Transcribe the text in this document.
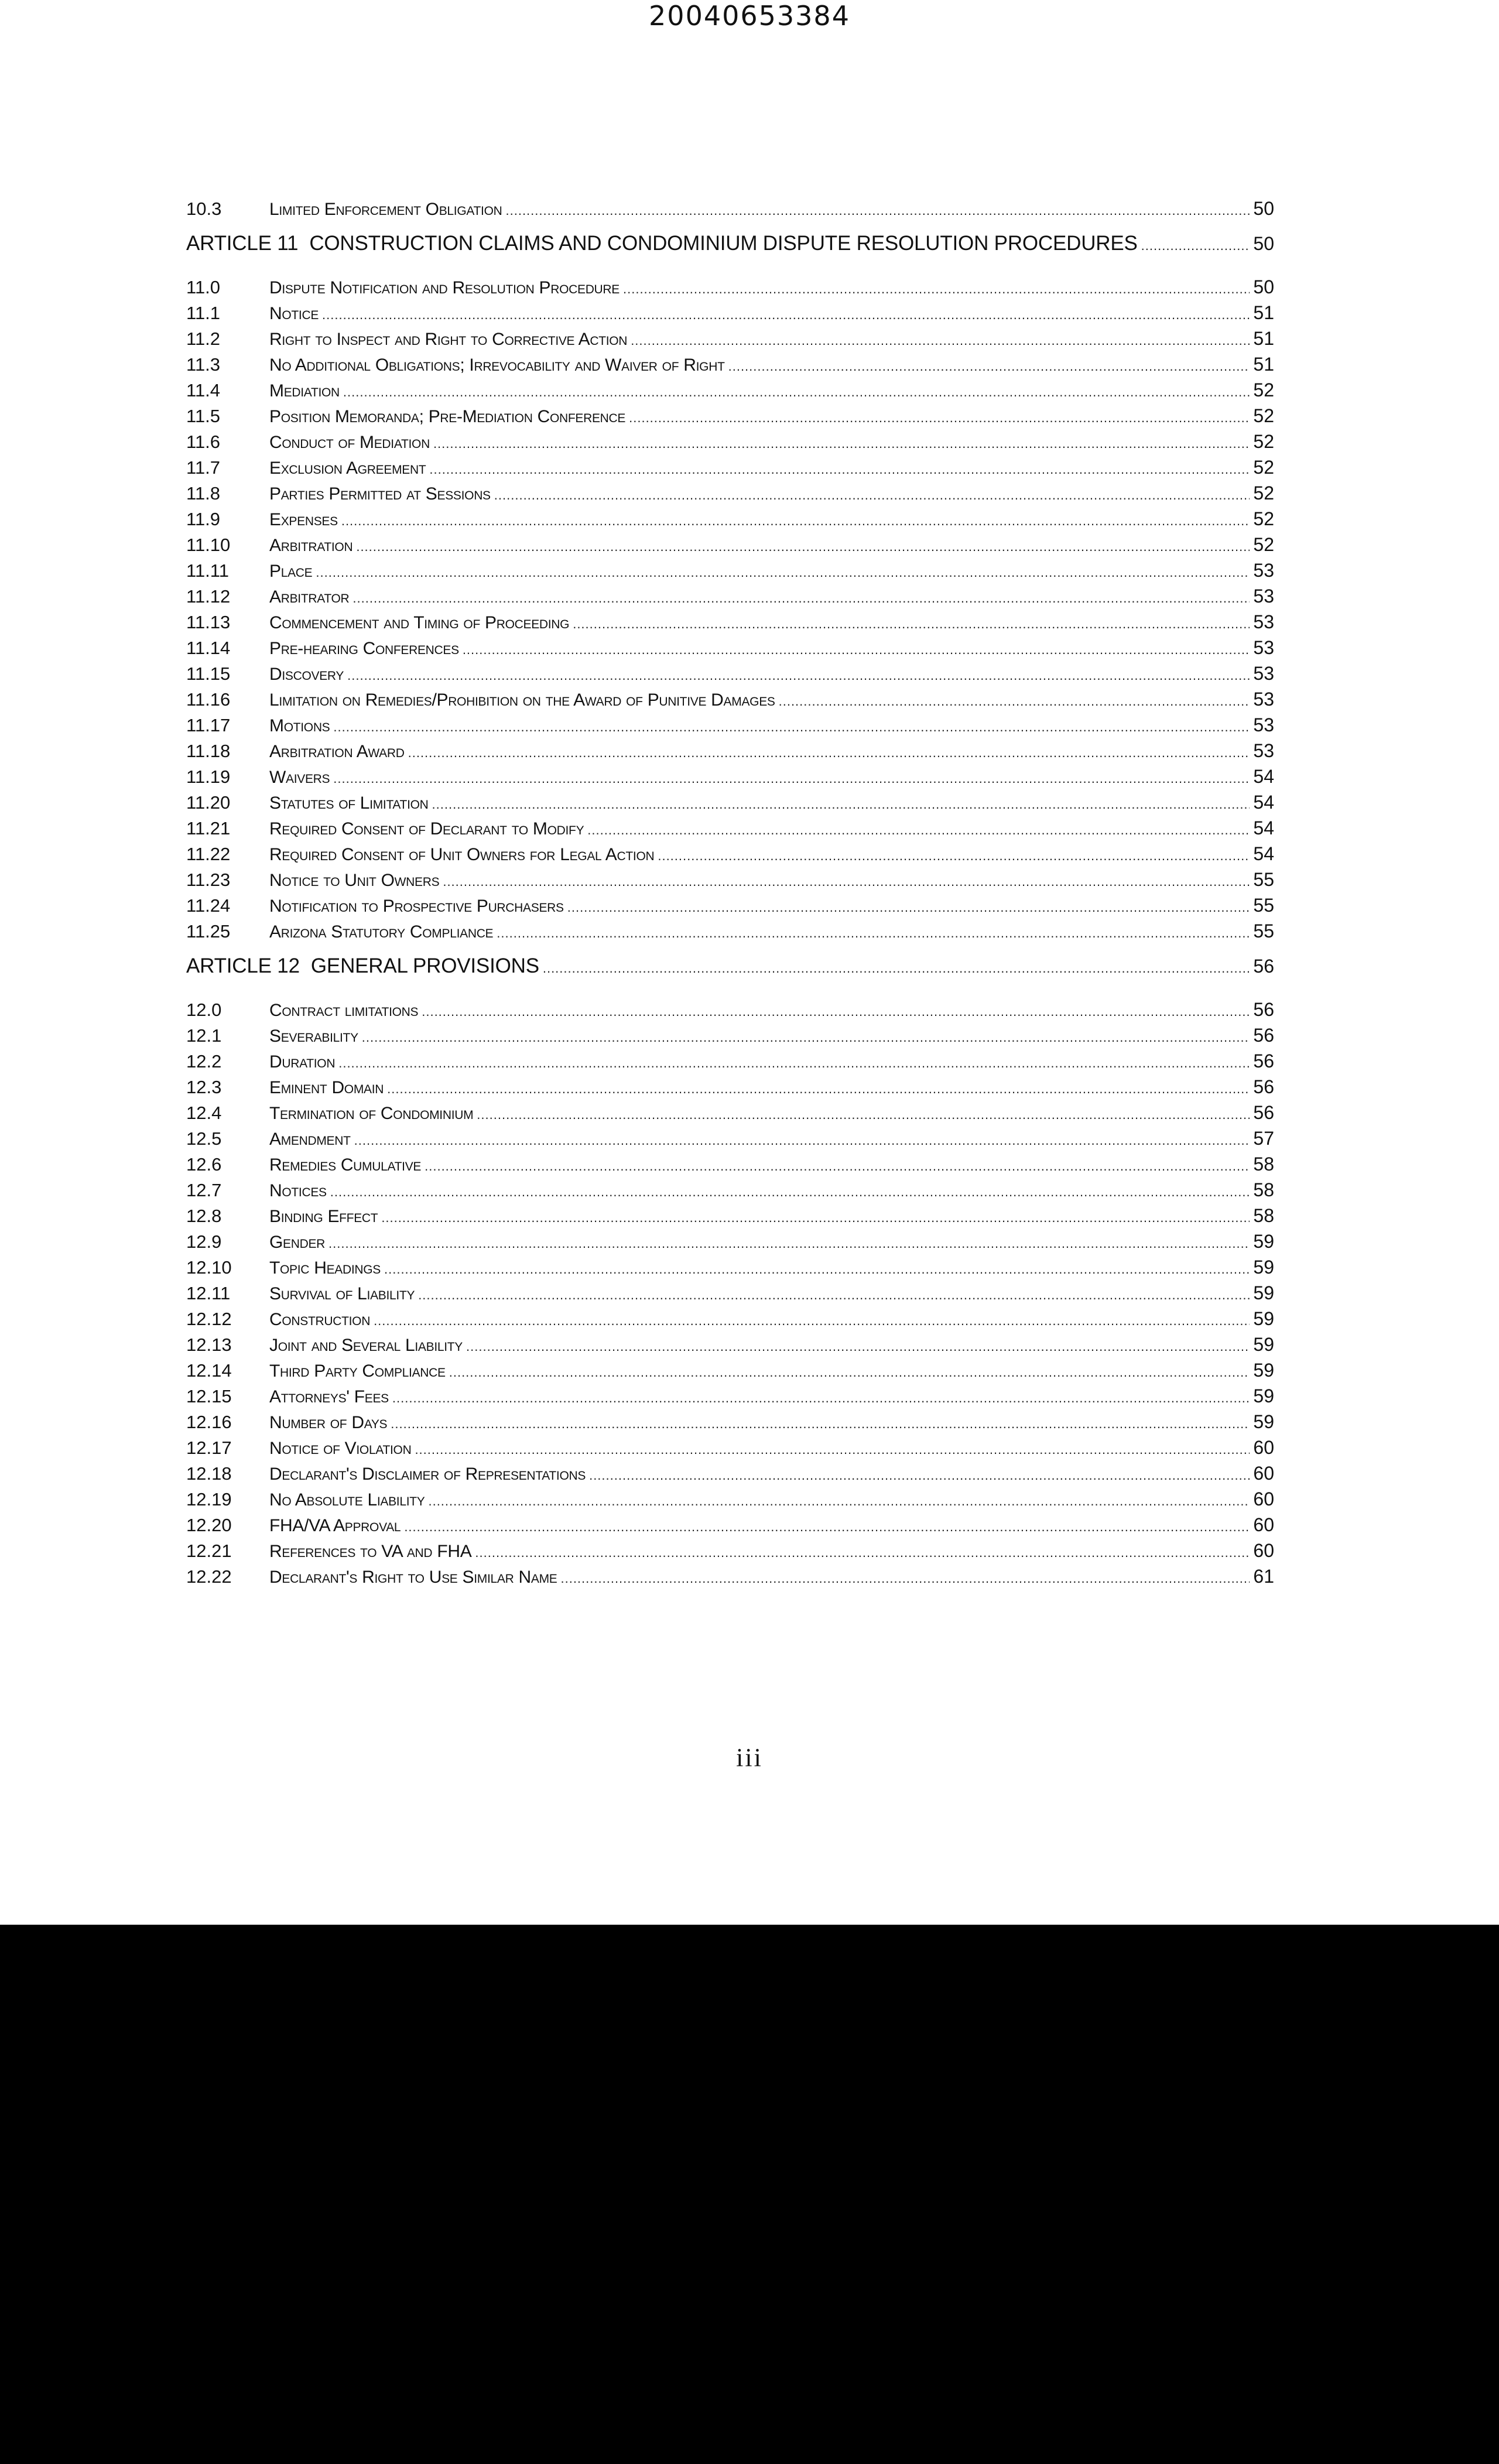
20040653384
10.3	Limited Enforcement Obligation .....	50
ARTICLE 11 CONSTRUCTION CLAIMS AND CONDOMINIUM DISPUTE RESOLUTION PROCEDURES .....	50
11.0	Dispute Notification and Resolution Procedure .....	50
11.1	Notice .....	51
11.2	Right to Inspect and Right to Corrective Action .....	51
11.3	No Additional Obligations; Irrevocability and Waiver of Right .....	51
11.4	Mediation .....	52
11.5	Position Memoranda; Pre-Mediation Conference .....	52
11.6	Conduct of Mediation .....	52
11.7	Exclusion Agreement .....	52
11.8	Parties Permitted at Sessions .....	52
11.9	Expenses .....	52
11.10	Arbitration .....	52
11.11	Place .....	53
11.12	Arbitrator .....	53
11.13	Commencement and Timing of Proceeding .....	53
11.14	Pre-hearing Conferences .....	53
11.15	Discovery .....	53
11.16	Limitation on Remedies/Prohibition on the Award of Punitive Damages .....	53
11.17	Motions .....	53
11.18	Arbitration Award .....	53
11.19	Waivers .....	54
11.20	Statutes of Limitation .....	54
11.21	Required Consent of Declarant to Modify .....	54
11.22	Required Consent of Unit Owners for Legal Action .....	54
11.23	Notice to Unit Owners .....	55
11.24	Notification to Prospective Purchasers .....	55
11.25	Arizona Statutory Compliance .....	55
ARTICLE 12 GENERAL PROVISIONS .....	56
12.0	Contract limitations .....	56
12.1	Severability .....	56
12.2	Duration .....	56
12.3	Eminent Domain .....	56
12.4	Termination of Condominium .....	56
12.5	Amendment .....	57
12.6	Remedies Cumulative .....	58
12.7	Notices .....	58
12.8	Binding Effect .....	58
12.9	Gender .....	59
12.10	Topic Headings .....	59
12.11	Survival of Liability .....	59
12.12	Construction .....	59
12.13	Joint and Several Liability .....	59
12.14	Third Party Compliance .....	59
12.15	Attorneys' Fees .....	59
12.16	Number of Days .....	59
12.17	Notice of Violation .....	60
12.18	Declarant's Disclaimer of Representations .....	60
12.19	No Absolute Liability .....	60
12.20	FHA/VA Approval .....	60
12.21	References to VA and FHA .....	60
12.22	Declarant's Right to Use Similar Name .....	61
iii
